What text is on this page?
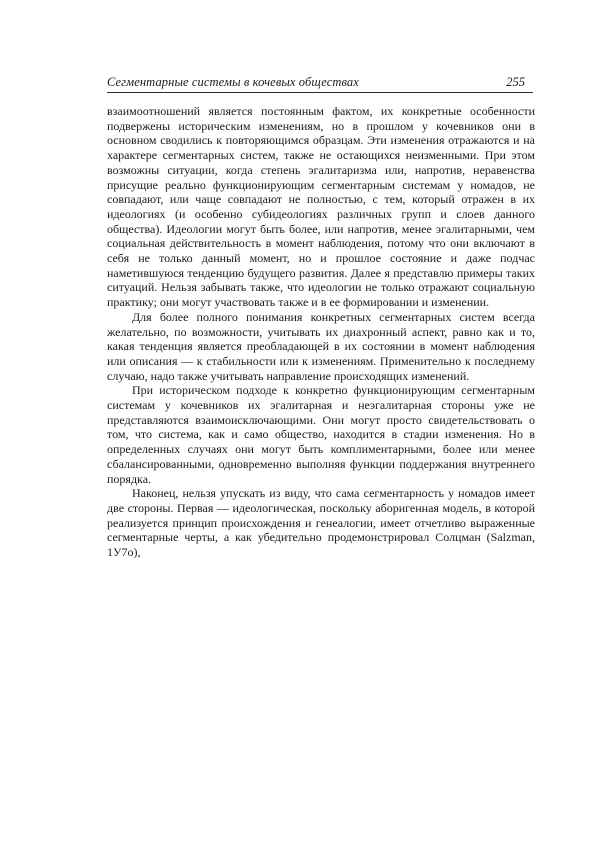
Сегментарные системы в кочевых обществах	255

взаимоотношений является постоянным фактом, их конкретные особенности подвержены историческим изменениям, но в прошлом у кочевников они в основном сводились к повторяющимся образцам. Эти изменения отражаются и на характере сегментарных систем, также не остающихся неизменными. При этом возможны ситуации, когда степень эгалитаризма или, напротив, неравенства присущие реально функционирующим сегментарным системам у номадов, не совпадают, или чаще совпадают не полностью, с тем, который отражен в их идеологиях (и особенно субидеологиях различных групп и слоев данного общества). Идеологии могут быть более, или напротив, менее эгалитарными, чем социальная действительность в момент наблюдения, потому что они включают в себя не только данный момент, но и прошлое состояние и даже подчас наметившуюся тенденцию будущего развития. Далее я представлю примеры таких ситуаций. Нельзя забывать также, что идеологии не только отражают социальную практику; они могут участвовать также и в ее формировании и изменении.

Для более полного понимания конкретных сегментарных систем всегда желательно, по возможности, учитывать их диахронный аспект, равно как и то, какая тенденция является преобладающей в их состоянии в момент наблюдения или описания — к стабильности или к изменениям. Применительно к последнему случаю, надо также учитывать направление происходящих изменений.

При историческом подходе к конкретно функционирующим сегментарным системам у кочевников их эгалитарная и неэгалитарная стороны уже не представляются взаимоисключающими. Они могут просто свидетельствовать о том, что система, как и само общество, находится в стадии изменения. Но в определенных случаях они могут быть комплиментарными, более или менее сбалансированными, одновременно выполняя функции поддержания внутреннего порядка.

Наконец, нельзя упускать из виду, что сама сегментарность у номадов имеет две стороны. Первая — идеологическая, поскольку аборигенная модель, в которой реализуется принцип происхождения и генеалогии, имеет отчетливо выраженные сегментарные черты, а как убедительно продемонстрировал Солцман (Salzman, 1У7о),
